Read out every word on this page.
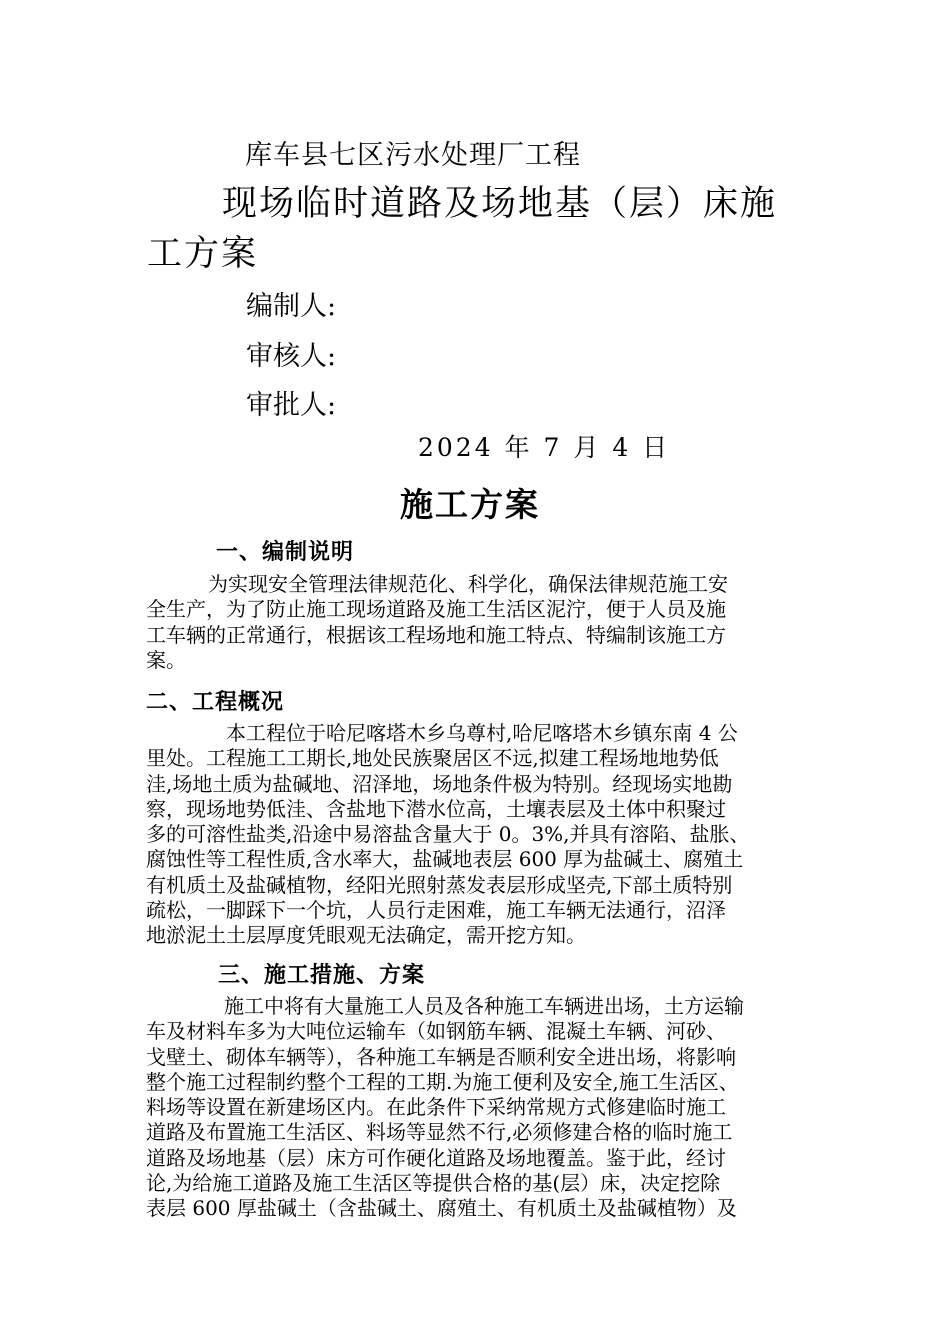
库车县七区污水处理厂工程
现场临时道路及场地基（层）床施
工方案
编制人:
审核人:
审批人:
2024 年 7 月 4 日
施工方案
一、编制说明
为实现安全管理法律规范化、科学化，确保法律规范施工安
全生产，为了防止施工现场道路及施工生活区泥泞，便于人员及施
工车辆的正常通行，根据该工程场地和施工特点、特编制该施工方
案。
二、工程概况
本工程位于哈尼喀塔木乡乌尊村,哈尼喀塔木乡镇东南 4 公
里处。工程施工工期长,地处民族聚居区不远,拟建工程场地地势低
洼,场地土质为盐碱地、沼泽地，场地条件极为特别。经现场实地勘
察，现场地势低洼、含盐地下潜水位高，土壤表层及土体中积聚过
多的可溶性盐类,沿途中易溶盐含量大于 0。3%,并具有溶陷、盐胀、
腐蚀性等工程性质,含水率大，盐碱地表层 600 厚为盐碱土、腐殖土
有机质土及盐碱植物，经阳光照射蒸发表层形成坚壳,下部土质特别
疏松，一脚踩下一个坑，人员行走困难，施工车辆无法通行，沼泽
地淤泥土土层厚度凭眼观无法确定，需开挖方知。
三、施工措施、方案
施工中将有大量施工人员及各种施工车辆进出场，土方运输
车及材料车多为大吨位运输车（如钢筋车辆、混凝土车辆、河砂、
戈壁土、砌体车辆等），各种施工车辆是否顺利安全进出场，将影响
整个施工过程制约整个工程的工期.为施工便利及安全,施工生活区、
料场等设置在新建场区内。在此条件下采纳常规方式修建临时施工
道路及布置施工生活区、料场等显然不行,必须修建合格的临时施工
道路及场地基（层）床方可作硬化道路及场地覆盖。鉴于此，经讨
论,为给施工道路及施工生活区等提供合格的基(层）床，决定挖除
表层 600 厚盐碱土（含盐碱土、腐殖土、有机质土及盐碱植物）及
